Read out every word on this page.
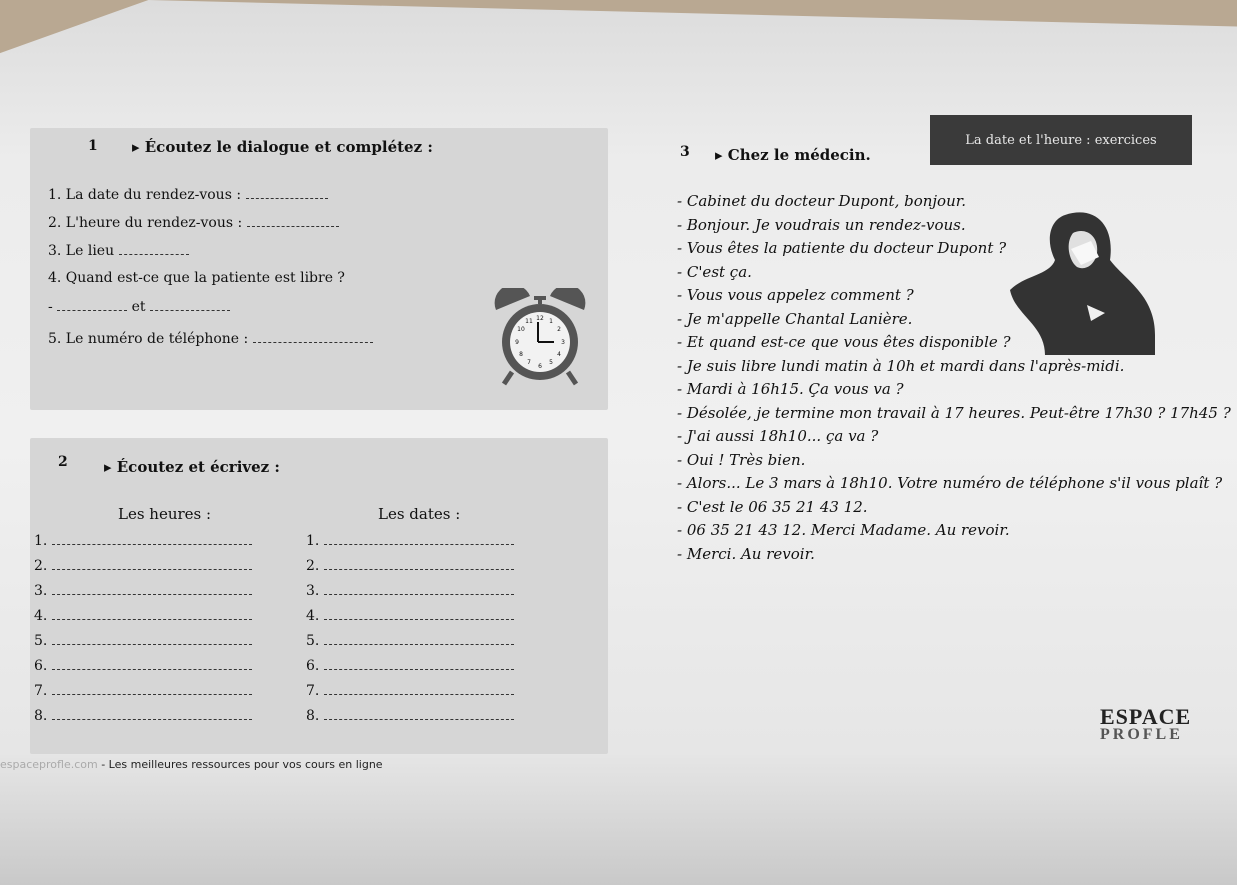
La date et l'heure : exercices
1 ▸ Écoutez le dialogue et complétez :
1. La date du rendez-vous :
2. L'heure du rendez-vous :
3. Le lieu
4. Quand est-ce que la patiente est libre ?
-	et
5. Le numéro de téléphone :
12 1
2
3
4
5
6
7
8
9
10
11
2 ▸ Écoutez et écrivez :
Les heures :	Les dates :
1.
2.
3.
4.
5.
6.
7.
8.
1.
2.
3.
4.
5.
6.
7.
8.
3 ▸ Chez le médecin.
- Cabinet du docteur Dupont, bonjour.
- Bonjour. Je voudrais un rendez-vous.
- Vous êtes la patiente du docteur Dupont ?
- C'est ça.
- Vous vous appelez comment ?
- Je m'appelle Chantal Lanière.
- Et quand est-ce que vous êtes disponible ?
- Je suis libre lundi matin à 10h et mardi dans l'après-midi.
- Mardi à 16h15. Ça vous va ?
- Désolée, je termine mon travail à 17 heures. Peut-être 17h30 ? 17h45 ?
- J'ai aussi 18h10... ça va ?
- Oui ! Très bien.
- Alors... Le 3 mars à 18h10. Votre numéro de téléphone s'il vous plaît ?
- C'est le 06 35 21 43 12.
- 06 35 21 43 12. Merci Madame. Au revoir.
- Merci. Au revoir.
ESPACE
PROFLE
espaceprofle.com - Les meilleures ressources pour vos cours en ligne
